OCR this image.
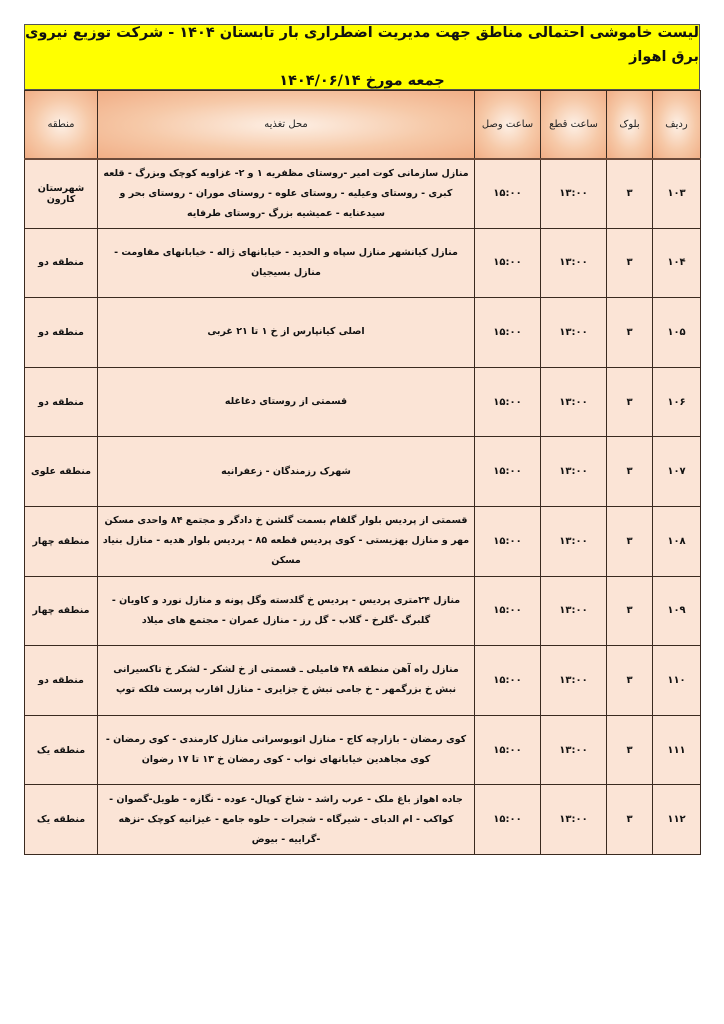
لیست خاموشی احتمالی مناطق جهت مدیریت اضطراری بار تابستان ۱۴۰۴ - شرکت توزیع نیروی برق اهواز
جمعه مورخ ۱۴۰۴/۰۶/۱۴
ردیف	بلوک	ساعت قطع	ساعت وصل	محل تغذیه	منطقه
۱۰۳	۳	۱۳:۰۰	۱۵:۰۰	منازل سازمانی کوت امیر -روستای مظفریه ۱ و ۲- غزاویه کوچک وبزرگ - قلعه کبری - روستای وعیلیه - روستای علوه - روستای موران - روستای بحر و سیدعنایه - عمیشیه بزرگ -روستای طرفایه	شهرستان کارون
۱۰۴	۳	۱۳:۰۰	۱۵:۰۰	منازل کیانشهر منازل سپاه و الحدید - خیابانهای ژاله - خیابانهای مقاومت - منازل بسیجیان	منطقه دو
۱۰۵	۳	۱۳:۰۰	۱۵:۰۰	اصلی کیانپارس از خ ۱ تا ۲۱ غربی	منطقه دو
۱۰۶	۳	۱۳:۰۰	۱۵:۰۰	قسمتی از روستای دغاغله	منطقه دو
۱۰۷	۳	۱۳:۰۰	۱۵:۰۰	شهرک رزمندگان - زعفرانیه	منطقه علوی
۱۰۸	۳	۱۳:۰۰	۱۵:۰۰	قسمتی از پردیس بلوار گلفام بسمت گلشن خ دادگر و مجتمع ۸۴ واحدی مسکن مهر و منازل بهزیستی - کوی پردیس قطعه ۸۵ - پردیس بلوار هدیه - منازل بنیاد مسکن	منطقه چهار
۱۰۹	۳	۱۳:۰۰	۱۵:۰۰	منازل ۲۴متری پردیس - پردیس خ گلدسته وگل پونه و منازل نورد و کاویان - گلبرگ -گلرخ - گلاب - گل رز - منازل عمران - مجتمع های میلاد	منطقه چهار
۱۱۰	۳	۱۳:۰۰	۱۵:۰۰	منازل راه آهن منطقه ۴۸ فامیلی ـ قسمتی از خ لشکر - لشکر خ تاکسیرانی نبش خ بزرگمهر - خ جامی نبش خ جزایری - منازل اقارب پرست فلکه توپ	منطقه دو
۱۱۱	۳	۱۳:۰۰	۱۵:۰۰	کوی رمضان - بازارچه کاج - منازل اتوبوسرانی منازل کارمندی - کوی رمضان - کوی مجاهدین خیابانهای نواب - کوی رمضان خ ۱۳ تا ۱۷ رضوان	منطقه یک
۱۱۲	۳	۱۳:۰۰	۱۵:۰۰	جاده اهواز باغ ملک - عرب راشد - شاخ کوپال- عوده - نگازه - طویل-گصوان - کواکب - ام الدبای - شیرگاه - شجرات - حلوه جامع - غیزانیه کوچک -نزهه -گراییه - بیوض	منطقه یک
